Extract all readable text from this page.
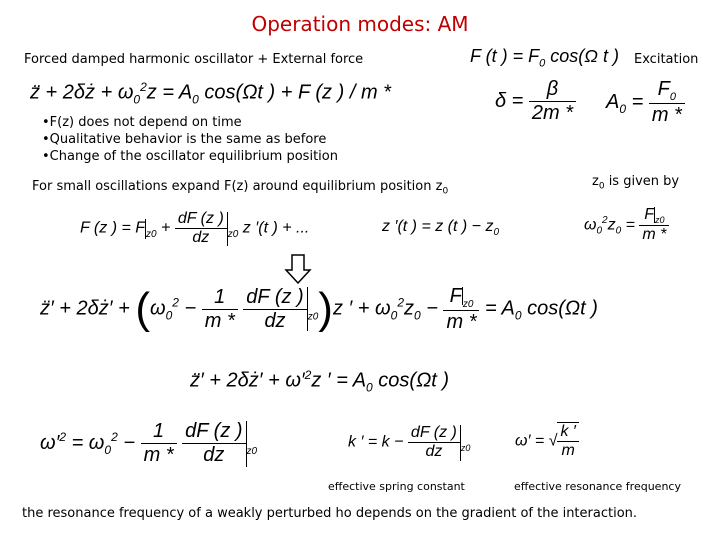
Operation modes: AM
Forced damped harmonic oscillator + External force	F (t ) = $F_0$ cos(Ω t ) Excitation
z̈ + 2δż + $\omega_0^2z = A_0$ cos(Ωt ) + F (z ) / m *	$\delta = \frac{\beta}{2m *} A_0 = \frac{F_0}{m *}$
• F(z) does not depend on time
• Qualitative behavior is the same as before
• Change of the oscillator equilibrium position
For small oscillations expand F(z) around equilibrium position $z_0$
$z_0$ is given by
F (z ) = $F_{z0} + \frac{dF (z )}{dz} _{z0}$ z ′(t ) + ...	z ′(t ) = z (t ) − $z_0$	$\omega_0^2z_0 = \frac{F_{z0}}{m *}$
z̈′ + 2δż′ + ($\omega_0^2 - \frac{1}{m *}$
$\frac{dF (z )}{dz} _{z0})z$ ′ + $\omega_0^2z_0 - \frac{F_{z0}}{m *} = A_0$ cos(Ωt )
z̈′ + 2δż′ + $\omega'^2z$ ′ = $A_0$ cos(Ωt )
$\omega'^2 = \omega_0^2 - \frac{1}{m *}$
$\frac{dF (z )}{dz} _{z0}$
k ′ = $k - \frac{dF (z )}{dz} _{z0}$	ω′ = √ $\frac{k '}{m}$
effective spring constant	effective resonance frequency
the resonance frequency of a weakly perturbed ho depends on the gradient of the interaction.
